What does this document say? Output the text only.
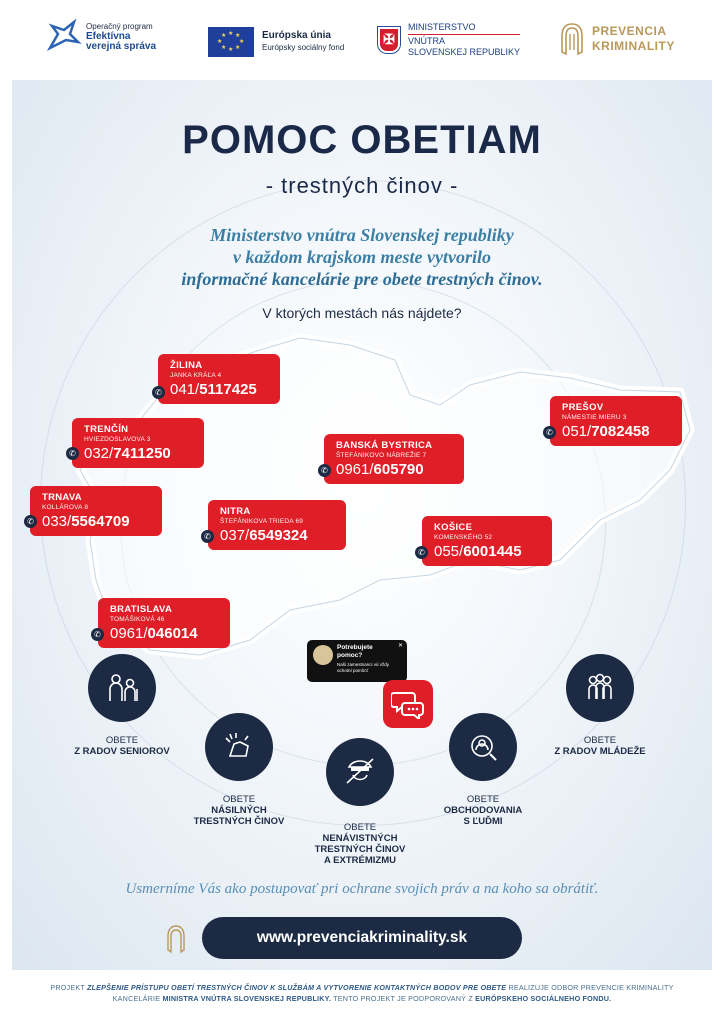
Operačný program
Efektívna
verejná správa
★ ★
★
★
★
★
★
★	Európska únia
Európsky sociálny fond
✠
MINISTERSTVO
VNÚTRA
SLOVENSKEJ REPUBLIKY
PREVENCIA
KRIMINALITY
POMOC OBETIAM
- trestných činov -
Ministerstvo vnútra Slovenskej republiky
v každom krajskom meste vytvorilo
informačné kancelárie pre obete trestných činov.
V ktorých mestách nás nájdete?
ŽILINA
JANKA KRÁĽA 4
041/5117425
✆
TRENČÍN
HVIEZDOSLAVOVA 3
032/7411250
✆
TRNAVA
KOLLÁROVA 8
033/5564709
✆
NITRA
ŠTEFÁNIKOVA TRIEDA 69
037/6549324
✆
BANSKÁ BYSTRICA
ŠTEFÁNIKOVO NÁBREŽIE 7
0961/605790
✆
PREŠOV
NÁMESTIE MIERU 3
051/7082458
✆
KOŠICE
KOMENSKÉHO 52
055/6001445
✆
BRATISLAVA
TOMÁŠIKOVÁ 46
0961/046014
✆
Potrebujete
pomoc?
Naši zamestnanci vú vždy
ochotní pomôcť
✕
OBETE
Z RADOV SENIOROV
OBETE
NÁSILNÝCH
TRESTNÝCH ČINOV
OBETE
NENÁVISTNÝCH
TRESTNÝCH ČINOV
A EXTRÉMIZMU
OBETE
OBCHODOVANIA
S ĽUĎMI
OBETE
Z RADOV MLÁDEŽE
Usmerníme Vás ako postupovať pri ochrane svojich práv a na koho sa obrátiť.
www.prevenciakriminality.sk
PROJEKT ZLEPŠENIE PRÍSTUPU OBETÍ TRESTNÝCH ČINOV K SLUŽBÁM A VYTVORENIE KONTAKTNÝCH BODOV PRE OBETE REALIZUJE ODBOR PREVENCIE KRIMINALITY KANCELÁRIE MINISTRA VNÚTRA SLOVENSKEJ REPUBLIKY. TENTO PROJEKT JE PODPOROVANÝ Z EURÓPSKEHO SOCIÁLNEHO FONDU.
